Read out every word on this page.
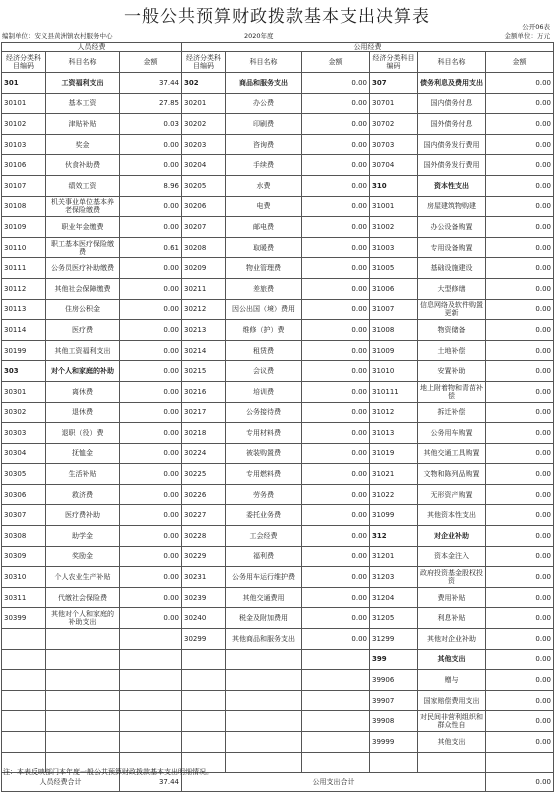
一般公共预算财政拨款基本支出决算表	公开06表
编制单位：安义县黄洲镇农村服务中心	2020年度	金额单位：万元
人员经费			公用经费					
经济分类科目编码	科目名称	金额	经济分类科目编码	科目名称	金额	经济分类科目编码	科目名称	金额
301	工资福利支出	37.44	302	商品和服务支出	0.00	307	债务利息及费用支出	0.00
30101	基本工资	27.85	30201	办公费	0.00	30701	国内债务付息	0.00
30102	津贴补贴	0.03	30202	印刷费	0.00	30702	国外债务付息	0.00
30103	奖金	0.00	30203	咨询费	0.00	30703	国内债务发行费用	0.00
30106	伙食补助费	0.00	30204	手续费	0.00	30704	国外债务发行费用	0.00
30107	绩效工资	8.96	30205	水费	0.00	310	资本性支出	0.00
30108	机关事业单位基本养老保险缴费	0.00	30206	电费	0.00	31001	房屋建筑物购建	0.00
30109	职业年金缴费	0.00	30207	邮电费	0.00	31002	办公设备购置	0.00
30110	职工基本医疗保险缴费	0.61	30208	取暖费	0.00	31003	专用设备购置	0.00
30111	公务员医疗补助缴费	0.00	30209	物业管理费	0.00	31005	基础设施建设	0.00
30112	其他社会保障缴费	0.00	30211	差旅费	0.00	31006	大型修缮	0.00
30113	住房公积金	0.00	30212	因公出国（境）费用	0.00	31007	信息网络及软件购置更新	0.00
30114	医疗费	0.00	30213	维修（护）费	0.00	31008	物资储备	0.00
30199	其他工资福利支出	0.00	30214	租赁费	0.00	31009	土地补偿	0.00
303	对个人和家庭的补助	0.00	30215	会议费	0.00	31010	安置补助	0.00
30301	离休费	0.00	30216	培训费	0.00	310111	地上附着物和青苗补偿	0.00
30302	退休费	0.00	30217	公务接待费	0.00	31012	拆迁补偿	0.00
30303	退职（役）费	0.00	30218	专用材料费	0.00	31013	公务用车购置	0.00
30304	抚恤金	0.00	30224	被装购置费	0.00	31019	其他交通工具购置	0.00
30305	生活补贴	0.00	30225	专用燃料费	0.00	31021	文物和陈列品购置	0.00
30306	救济费	0.00	30226	劳务费	0.00	31022	无形资产购置	0.00
30307	医疗费补助	0.00	30227	委托业务费	0.00	31099	其他资本性支出	0.00
30308	助学金	0.00	30228	工会经费	0.00	312	对企业补助	0.00
30309	奖励金	0.00	30229	福利费	0.00	31201	资本金注入	0.00
30310	个人农业生产补贴	0.00	30231	公务用车运行维护费	0.00	31203	政府投资基金股权投资	0.00
30311	代缴社会保险费	0.00	30239	其他交通费用	0.00	31204	费用补贴	0.00
30399	其他对个人和家庭的补助支出	0.00	30240	税金及附加费用	0.00	31205	利息补贴	0.00
			30299	其他商品和服务支出	0.00	31299	其他对企业补助	0.00
						399	其他支出	0.00
						39906	赠与	0.00
						39907	国家赔偿费用支出	0.00
						39908	对民间非营利组织和群众性自	0.00
						39999	其他支出	0.00

人员经费合计		37.44	公用支出合计					0.00
注：本表反映部门本年度一般公共预算财政拨款基本支出明细情况。
